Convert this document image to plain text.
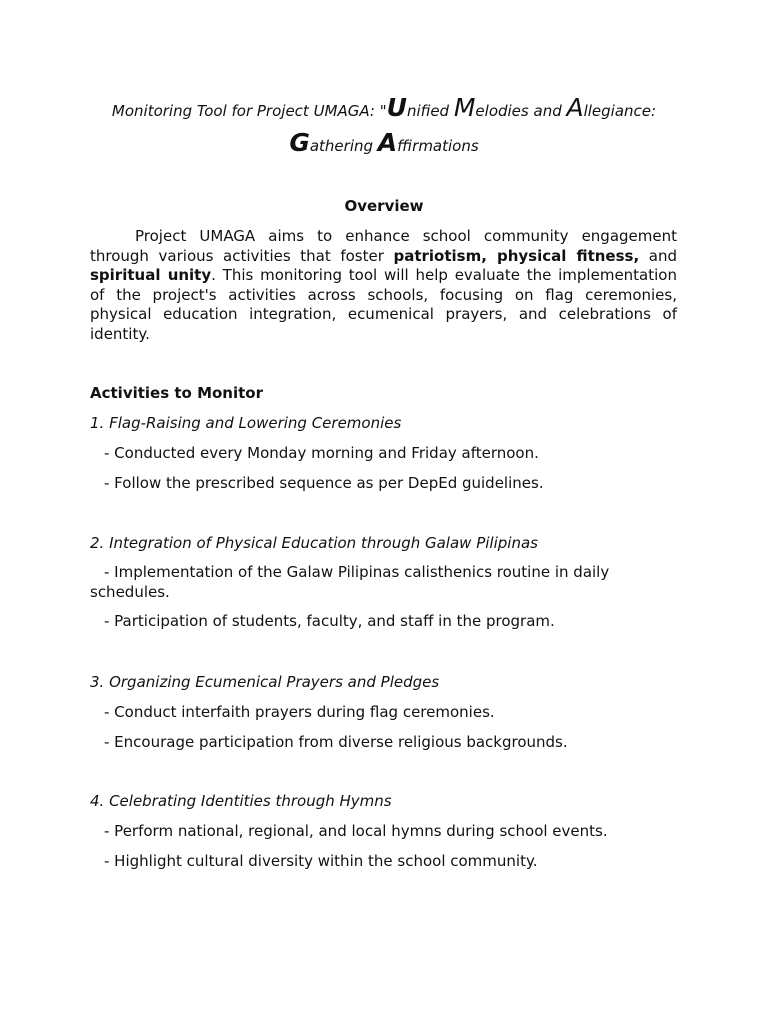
Monitoring Tool for Project UMAGA: "Unified Melodies and Allegiance:
Gathering Affirmations
Overview

Project UMAGA aims to enhance school community engagement through various activities that foster patriotism, physical fitness, and spiritual unity. This monitoring tool will help evaluate the implementation of the project's activities across schools, focusing on flag ceremonies, physical education integration, ecumenical prayers, and celebrations of identity.

Activities to Monitor
1. Flag-Raising and Lowering Ceremonies
- Conducted every Monday morning and Friday afternoon.
- Follow the prescribed sequence as per DepEd guidelines.
2. Integration of Physical Education through Galaw Pilipinas
- Implementation of the Galaw Pilipinas calisthenics routine in daily schedules.
- Participation of students, faculty, and staff in the program.
3. Organizing Ecumenical Prayers and Pledges
- Conduct interfaith prayers during flag ceremonies.
- Encourage participation from diverse religious backgrounds.
4. Celebrating Identities through Hymns
- Perform national, regional, and local hymns during school events.
- Highlight cultural diversity within the school community.
